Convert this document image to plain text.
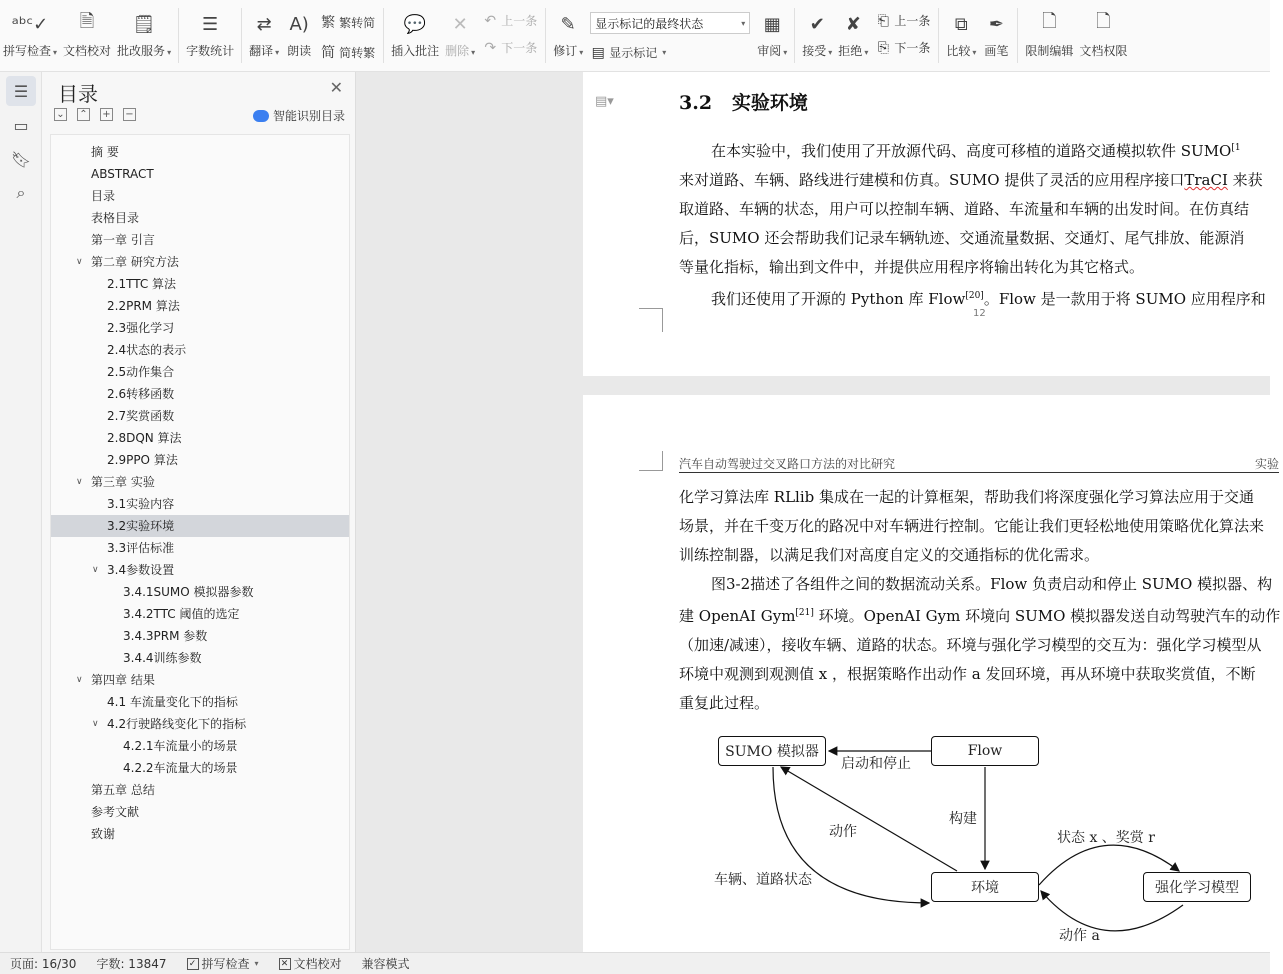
ᵃᵇᶜ✓
拼写检查 ▾
🗎
文档校对
🗒
批改服务 ▾
☰
字数统计
⇄
翻译 ▾
A)
朗读
繁 繁转简
简 简转繁
💬
插入批注
✕
删除 ▾
↶ 上一条
↷ 下一条
✎
修订 ▾
显示标记的最终状态	▾
▤ 显示标记 ▾
▦
审阅 ▾
✔
接受 ▾
✘
拒绝 ▾
⎗ 上一条
⎘ 下一条
⧉
比较 ▾
✒
画笔
🗋
限制编辑
🗋
文档权限
☰
▭
🔖︎
⌕
目录	✕
⌄ ⌃ + −	智能识别目录
摘 要
ABSTRACT
目录
表格目录
第一章 引言
∨ 第二章 研究方法
2.1TTC 算法
2.2PRM 算法
2.3强化学习
2.4状态的表示
2.5动作集合
2.6转移函数
2.7奖赏函数
2.8DQN 算法
2.9PPO 算法
∨ 第三章 实验
3.1实验内容
3.2实验环境
3.3评估标准
∨ 3.4参数设置
3.4.1SUMO 模拟器参数
3.4.2TTC 阈值的选定
3.4.3PRM 参数
3.4.4训练参数
∨ 第四章 结果
4.1 车流量变化下的指标
∨ 4.2行驶路线变化下的指标
4.2.1车流量小的场景
4.2.2车流量大的场景
第五章 总结
参考文献
致谢
▤▾	3.2 实验环境
在本实验中，我们使用了开放源代码、高度可移植的道路交通模拟软件 $SUMO^{[1}$
来对道路、车辆、路线进行建模和仿真。SUMO 提供了灵活的应用程序接口TraCI 来获
取道路、车辆的状态，用户可以控制车辆、道路、车流量和车辆的出发时间。在仿真结
后，SUMO 还会帮助我们记录车辆轨迹、交通流量数据、交通灯、尾气排放、能源消
等量化指标，输出到文件中，并提供应用程序将输出转化为其它格式。
我们还使用了开源的 Python 库 Flow[20]。Flow 是一款用于将 SUMO 应用程序和
12
汽车自动驾驶过交叉路口方法的对比研究	实验
化学习算法库 RLlib 集成在一起的计算框架，帮助我们将深度强化学习算法应用于交通
场景，并在千变万化的路况中对车辆进行控制。它能让我们更轻松地使用策略优化算法来
训练控制器，以满足我们对高度自定义的交通指标的优化需求。
图3-2描述了各组件之间的数据流动关系。Flow 负责启动和停止 SUMO 模拟器、构
建 OpenAI Gym[21] 环境。OpenAI Gym 环境向 SUMO 模拟器发送自动驾驶汽车的动作
（加速/减速），接收车辆、道路的状态。环境与强化学习模型的交互为：强化学习模型从
环境中观测到观测值 x ，根据策略作出动作 a 发回环境，再从环境中获取奖赏值，不断
重复此过程。
SUMO 模拟器	Flow
环境	强化学习模型
启动和停止
构建
动作
车辆、道路状态
状态 x 、奖赏 r
动作 a
页面: 16/30	字数: 13847	✓ 拼写检查 ▾ ✕ 文档校对	兼容模式
